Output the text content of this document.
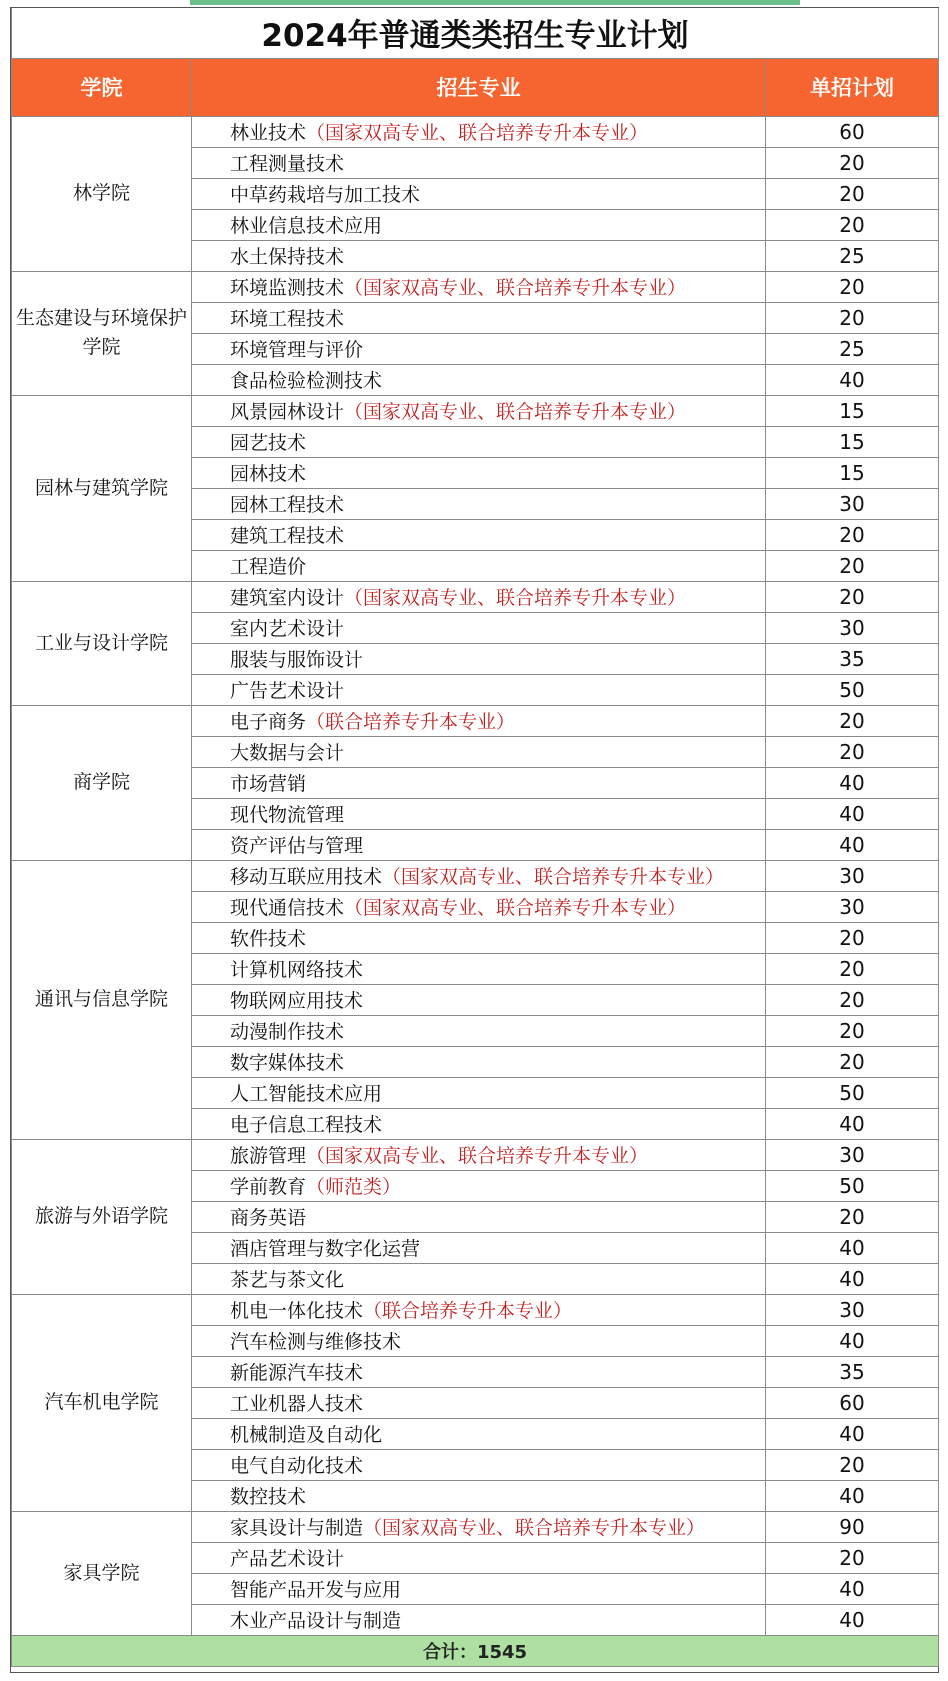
2024年普通类类招生专业计划		
学院	招生专业	单招计划
林学院	林业技术（国家双高专业、联合培养专升本专业）	60
	工程测量技术	20
	中草药栽培与加工技术	20
	林业信息技术应用	20
	水土保持技术	25
生态建设与环境保护学院	环境监测技术（国家双高专业、联合培养专升本专业）	20
	环境工程技术	20
	环境管理与评价	25
	食品检验检测技术	40
园林与建筑学院	风景园林设计（国家双高专业、联合培养专升本专业）	15
	园艺技术	15
	园林技术	15
	园林工程技术	30
	建筑工程技术	20
	工程造价	20
工业与设计学院	建筑室内设计（国家双高专业、联合培养专升本专业）	20
	室内艺术设计	30
	服装与服饰设计	35
	广告艺术设计	50
商学院	电子商务（联合培养专升本专业）	20
	大数据与会计	20
	市场营销	40
	现代物流管理	40
	资产评估与管理	40
通讯与信息学院	移动互联应用技术（国家双高专业、联合培养专升本专业）	30
	现代通信技术（国家双高专业、联合培养专升本专业）	30
	软件技术	20
	计算机网络技术	20
	物联网应用技术	20
	动漫制作技术	20
	数字媒体技术	20
	人工智能技术应用	50
	电子信息工程技术	40
旅游与外语学院	旅游管理（国家双高专业、联合培养专升本专业）	30
	学前教育（师范类）	50
	商务英语	20
	酒店管理与数字化运营	40
	茶艺与茶文化	40
汽车机电学院	机电一体化技术（联合培养专升本专业）	30
	汽车检测与维修技术	40
	新能源汽车技术	35
	工业机器人技术	60
	机械制造及自动化	40
	电气自动化技术	20
	数控技术	40
家具学院	家具设计与制造（国家双高专业、联合培养专升本专业）	90
	产品艺术设计	20
	智能产品开发与应用	40
	木业产品设计与制造	40
合计：1545		
